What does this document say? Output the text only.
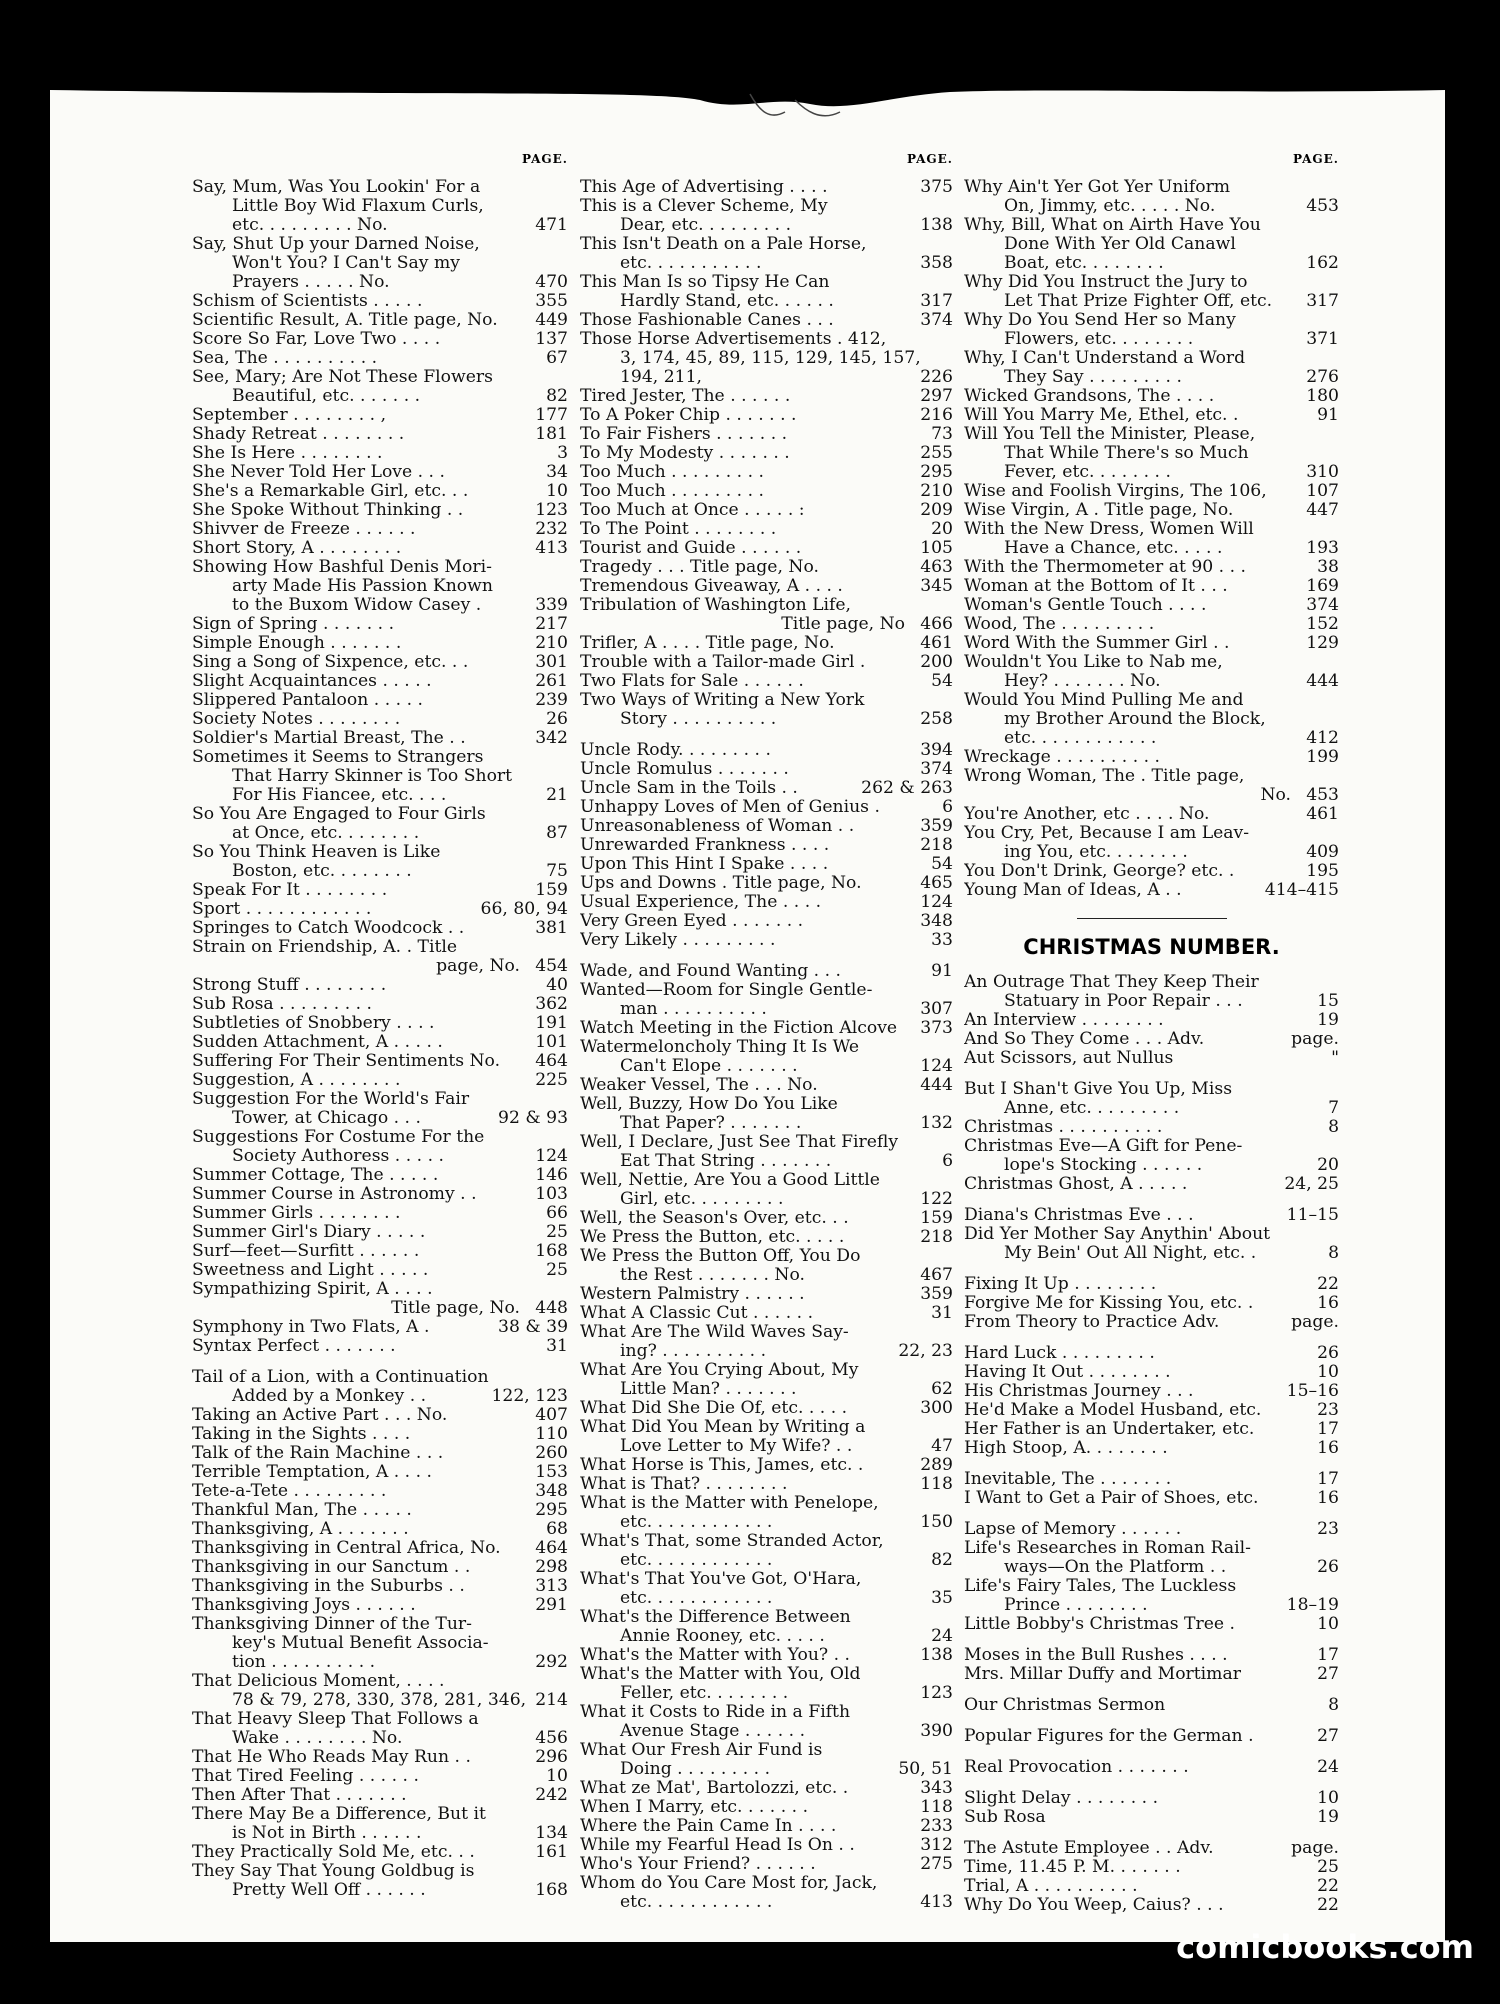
PAGE.
Say, Mum, Was You Lookin' For a
Little Boy Wid Flaxum Curls,
etc. . . . . . . . . No.	471
Say, Shut Up your Darned Noise,
Won't You? I Can't Say my
Prayers . . . . . No.	470
Schism of Scientists . . . . .	355
Scientific Result, A. Title page, No.	449
Score So Far, Love Two . . . .	137
Sea, The . . . . . . . . . .	67
See, Mary; Are Not These Flowers
Beautiful, etc. . . . . . .	82
September . . . . . . . . ,	177
Shady Retreat . . . . . . . .	181
She Is Here . . . . . . . .	3
She Never Told Her Love . . .	34
She's a Remarkable Girl, etc. . .	10
She Spoke Without Thinking . .	123
Shivver de Freeze . . . . . .	232
Short Story, A . . . . . . . .	413
Showing How Bashful Denis Mori-
arty Made His Passion Known
to the Buxom Widow Casey .	339
Sign of Spring . . . . . . .	217
Simple Enough . . . . . . .	210
Sing a Song of Sixpence, etc. . .	301
Slight Acquaintances . . . . .	261
Slippered Pantaloon . . . . .	239
Society Notes . . . . . . . .	26
Soldier's Martial Breast, The . .	342
Sometimes it Seems to Strangers
That Harry Skinner is Too Short
For His Fiancee, etc. . . .	21
So You Are Engaged to Four Girls
at Once, etc. . . . . . . .	87
So You Think Heaven is Like
Boston, etc. . . . . . . .	75
Speak For It . . . . . . . .	159
Sport . . . . . . . . . . . .	66, 80, 94
Springes to Catch Woodcock . .	381
Strain on Friendship, A. . Title
page, No. 454
Strong Stuff . . . . . . . .	40
Sub Rosa . . . . . . . . .	362
Subtleties of Snobbery . . . .	191
Sudden Attachment, A . . . . .	101
Suffering For Their Sentiments No.	464
Suggestion, A . . . . . . . .	225
Suggestion For the World's Fair
Tower, at Chicago . . .	92 & 93
Suggestions For Costume For the
Society Authoress . . . . .	124
Summer Cottage, The . . . . .	146
Summer Course in Astronomy . .	103
Summer Girls . . . . . . . .	66
Summer Girl's Diary . . . . .	25
Surf—feet—Surfitt . . . . . .	168
Sweetness and Light . . . . .	25
Sympathizing Spirit, A . . . .
Title page, No. 448
Symphony in Two Flats, A .	38 & 39
Syntax Perfect . . . . . . .	31
Tail of a Lion, with a Continuation
Added by a Monkey . .	122, 123
Taking an Active Part . . . No.	407
Taking in the Sights . . . .	110
Talk of the Rain Machine . . .	260
Terrible Temptation, A . . . .	153
Tete-a-Tete . . . . . . . . .	348
Thankful Man, The . . . . .	295
Thanksgiving, A . . . . . . .	68
Thanksgiving in Central Africa, No.	464
Thanksgiving in our Sanctum . .	298
Thanksgiving in the Suburbs . .	313
Thanksgiving Joys . . . . . .	291
Thanksgiving Dinner of the Tur-
key's Mutual Benefit Associa-
tion . . . . . . . . . .	292
That Delicious Moment, . . . .
78 & 79, 278, 330, 378, 281, 346, 214
That Heavy Sleep That Follows a
Wake . . . . . . . . No.	456
That He Who Reads May Run . .	296
That Tired Feeling . . . . . .	10
Then After That . . . . . . .	242
There May Be a Difference, But it
is Not in Birth . . . . . .	134
They Practically Sold Me, etc. . .	161
They Say That Young Goldbug is
Pretty Well Off . . . . . .	168
PAGE.
This Age of Advertising . . . .	375
This is a Clever Scheme, My
Dear, etc. . . . . . . . .	138
This Isn't Death on a Pale Horse,
etc. . . . . . . . . . .	358
This Man Is so Tipsy He Can
Hardly Stand, etc. . . . . .	317
Those Fashionable Canes . . .	374
Those Horse Advertisements . 412,
3, 174, 45, 89, 115, 129, 145, 157,
194, 211,	226
Tired Jester, The . . . . . .	297
To A Poker Chip . . . . . . .	216
To Fair Fishers . . . . . . .	73
To My Modesty . . . . . . .	255
Too Much . . . . . . . . .	295
Too Much . . . . . . . . .	210
Too Much at Once . . . . . :	209
To The Point . . . . . . . .	20
Tourist and Guide . . . . . .	105
Tragedy . . . Title page, No.	463
Tremendous Giveaway, A . . . .	345
Tribulation of Washington Life,
Title page, No 466
Trifler, A . . . . Title page, No.	461
Trouble with a Tailor-made Girl .	200
Two Flats for Sale . . . . . .	54
Two Ways of Writing a New York
Story . . . . . . . . . .	258
Uncle Rody. . . . . . . . .	394
Uncle Romulus . . . . . . .	374
Uncle Sam in the Toils . .	262 & 263
Unhappy Loves of Men of Genius .	6
Unreasonableness of Woman . .	359
Unrewarded Frankness . . . .	218
Upon This Hint I Spake . . . .	54
Ups and Downs . Title page, No.	465
Usual Experience, The . . . .	124
Very Green Eyed . . . . . . .	348
Very Likely . . . . . . . . .	33
Wade, and Found Wanting . . .	91
Wanted—Room for Single Gentle-
man . . . . . . . . . .	307
Watch Meeting in the Fiction Alcove	373
Watermeloncholy Thing It Is We
Can't Elope . . . . . . .	124
Weaker Vessel, The . . . No.	444
Well, Buzzy, How Do You Like
That Paper? . . . . . . .	132
Well, I Declare, Just See That Firefly
Eat That String . . . . . . .	6
Well, Nettie, Are You a Good Little
Girl, etc. . . . . . . . .	122
Well, the Season's Over, etc. . .	159
We Press the Button, etc. . . . .	218
We Press the Button Off, You Do
the Rest . . . . . . . No.	467
Western Palmistry . . . . . .	359
What A Classic Cut . . . . . .	31
What Are The Wild Waves Say-
ing? . . . . . . . . . .	22, 23
What Are You Crying About, My
Little Man? . . . . . . .	62
What Did She Die Of, etc. . . . .	300
What Did You Mean by Writing a
Love Letter to My Wife? . .	47
What Horse is This, James, etc. .	289
What is That? . . . . . . . .	118
What is the Matter with Penelope,
etc. . . . . . . . . . . .	150
What's That, some Stranded Actor,
etc. . . . . . . . . . . .	82
What's That You've Got, O'Hara,
etc. . . . . . . . . . . .	35
What's the Difference Between
Annie Rooney, etc. . . . .	24
What's the Matter with You? . .	138
What's the Matter with You, Old
Feller, etc. . . . . . . .	123
What it Costs to Ride in a Fifth
Avenue Stage . . . . . .	390
What Our Fresh Air Fund is
Doing . . . . . . . . .	50, 51
What ze Mat', Bartolozzi, etc. .	343
When I Marry, etc. . . . . . .	118
Where the Pain Came In . . . .	233
While my Fearful Head Is On . .	312
Who's Your Friend? . . . . . .	275
Whom do You Care Most for, Jack,
etc. . . . . . . . . . . .	413
PAGE.
Why Ain't Yer Got Yer Uniform
On, Jimmy, etc. . . . . No.	453
Why, Bill, What on Airth Have You
Done With Yer Old Canawl
Boat, etc. . . . . . . .	162
Why Did You Instruct the Jury to
Let That Prize Fighter Off, etc.	317
Why Do You Send Her so Many
Flowers, etc. . . . . . . .	371
Why, I Can't Understand a Word
They Say . . . . . . . . .	276
Wicked Grandsons, The . . . .	180
Will You Marry Me, Ethel, etc. .	91
Will You Tell the Minister, Please,
That While There's so Much
Fever, etc. . . . . . . .	310
Wise and Foolish Virgins, The 106,	107
Wise Virgin, A . Title page, No.	447
With the New Dress, Women Will
Have a Chance, etc. . . . .	193
With the Thermometer at 90 . . .	38
Woman at the Bottom of It . . .	169
Woman's Gentle Touch . . . .	374
Wood, The . . . . . . . . .	152
Word With the Summer Girl . .	129
Wouldn't You Like to Nab me,
Hey? . . . . . . . No.	444
Would You Mind Pulling Me and
my Brother Around the Block,
etc. . . . . . . . . . . .	412
Wreckage . . . . . . . . . .	199
Wrong Woman, The . Title page,
No. 453
You're Another, etc . . . . No.	461
You Cry, Pet, Because I am Leav-
ing You, etc. . . . . . . .	409
You Don't Drink, George? etc. .	195
Young Man of Ideas, A . .	414–415
CHRISTMAS NUMBER.
An Outrage That They Keep Their
Statuary in Poor Repair . . .	15
An Interview . . . . . . . .	19
And So They Come . . . Adv.	page.
Aut Scissors, aut Nullus	"
But I Shan't Give You Up, Miss
Anne, etc. . . . . . . . .	7
Christmas . . . . . . . . . .	8
Christmas Eve—A Gift for Pene-
lope's Stocking . . . . . .	20
Christmas Ghost, A . . . . .	24, 25
Diana's Christmas Eve . . .	11–15
Did Yer Mother Say Anythin' About
My Bein' Out All Night, etc. .	8
Fixing It Up . . . . . . . .	22
Forgive Me for Kissing You, etc. .	16
From Theory to Practice Adv.	page.
Hard Luck . . . . . . . . .	26
Having It Out . . . . . . . .	10
His Christmas Journey . . .	15–16
He'd Make a Model Husband, etc.	23
Her Father is an Undertaker, etc.	17
High Stoop, A. . . . . . . .	16
Inevitable, The . . . . . . .	17
I Want to Get a Pair of Shoes, etc.	16
Lapse of Memory . . . . . .	23
Life's Researches in Roman Rail-
ways—On the Platform . .	26
Life's Fairy Tales, The Luckless
Prince . . . . . . . .	18–19
Little Bobby's Christmas Tree .	10
Moses in the Bull Rushes . . . .	17
Mrs. Millar Duffy and Mortimar	27
Our Christmas Sermon	8
Popular Figures for the German .	27
Real Provocation . . . . . . .	24
Slight Delay . . . . . . . .	10
Sub Rosa	19
The Astute Employee . . Adv.	page.
Time, 11.45 P. M. . . . . . .	25
Trial, A . . . . . . . . . .	22
Why Do You Weep, Caius? . . .	22
comicbooks.com
